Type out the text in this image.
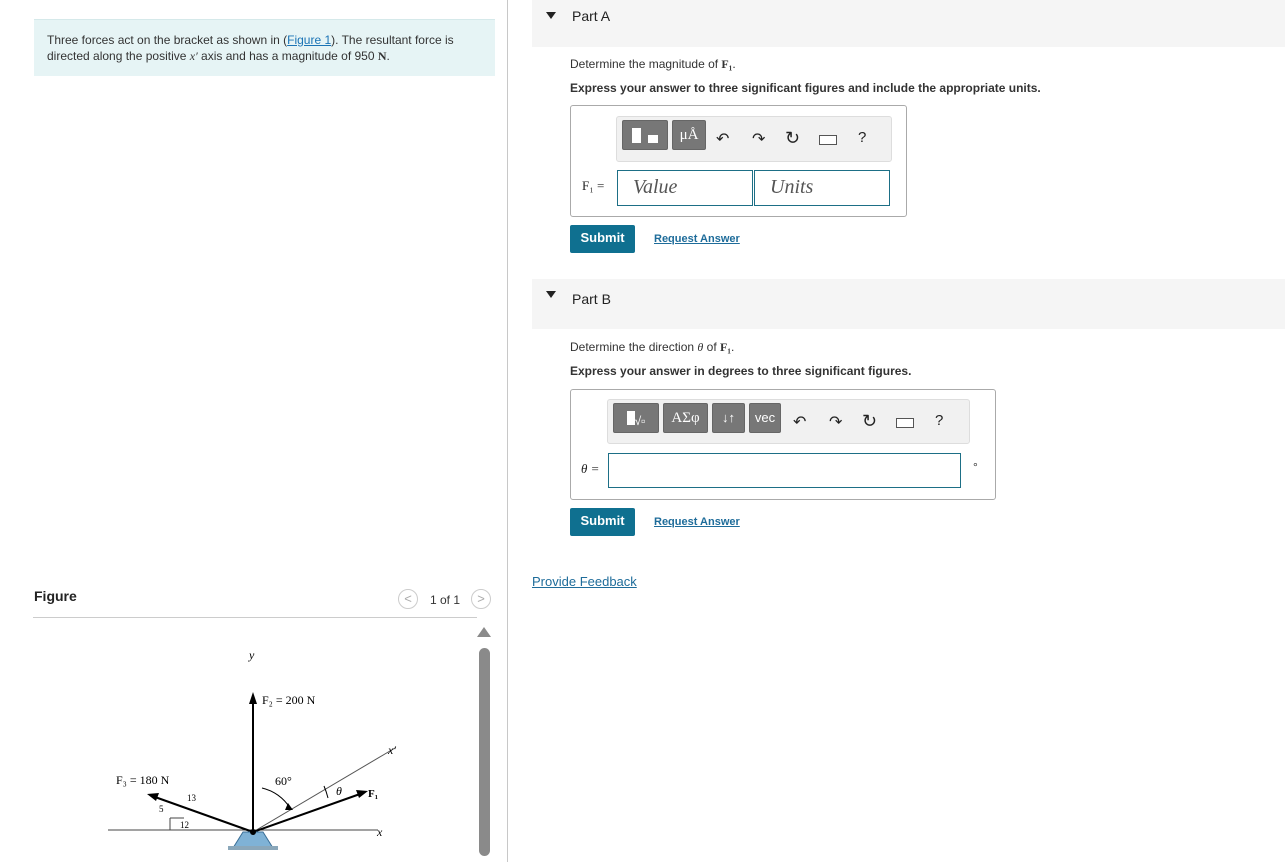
Three forces act on the bracket as shown in (Figure 1). The resultant force is directed along the positive x′ axis and has a magnitude of 950 N.
Figure	<	1 of 1	>
y
x
x′
F₂ = 200 N
F₃ = 180 N
F₁
60°
θ
5
13
12
Part A
Determine the magnitude of F₁.
Express your answer to three significant figures and include the appropriate units.

μÅ	↶ ↷ ↻	?
F₁ = Value	Units
Submit	Request Answer
Part B
Determine the direction θ of F₁.
Express your answer in degrees to three significant figures.
√▫	ΑΣφ	↓↑	vec	↶ ↷ ↻	?
θ =	°
Submit	Request Answer
Provide Feedback
